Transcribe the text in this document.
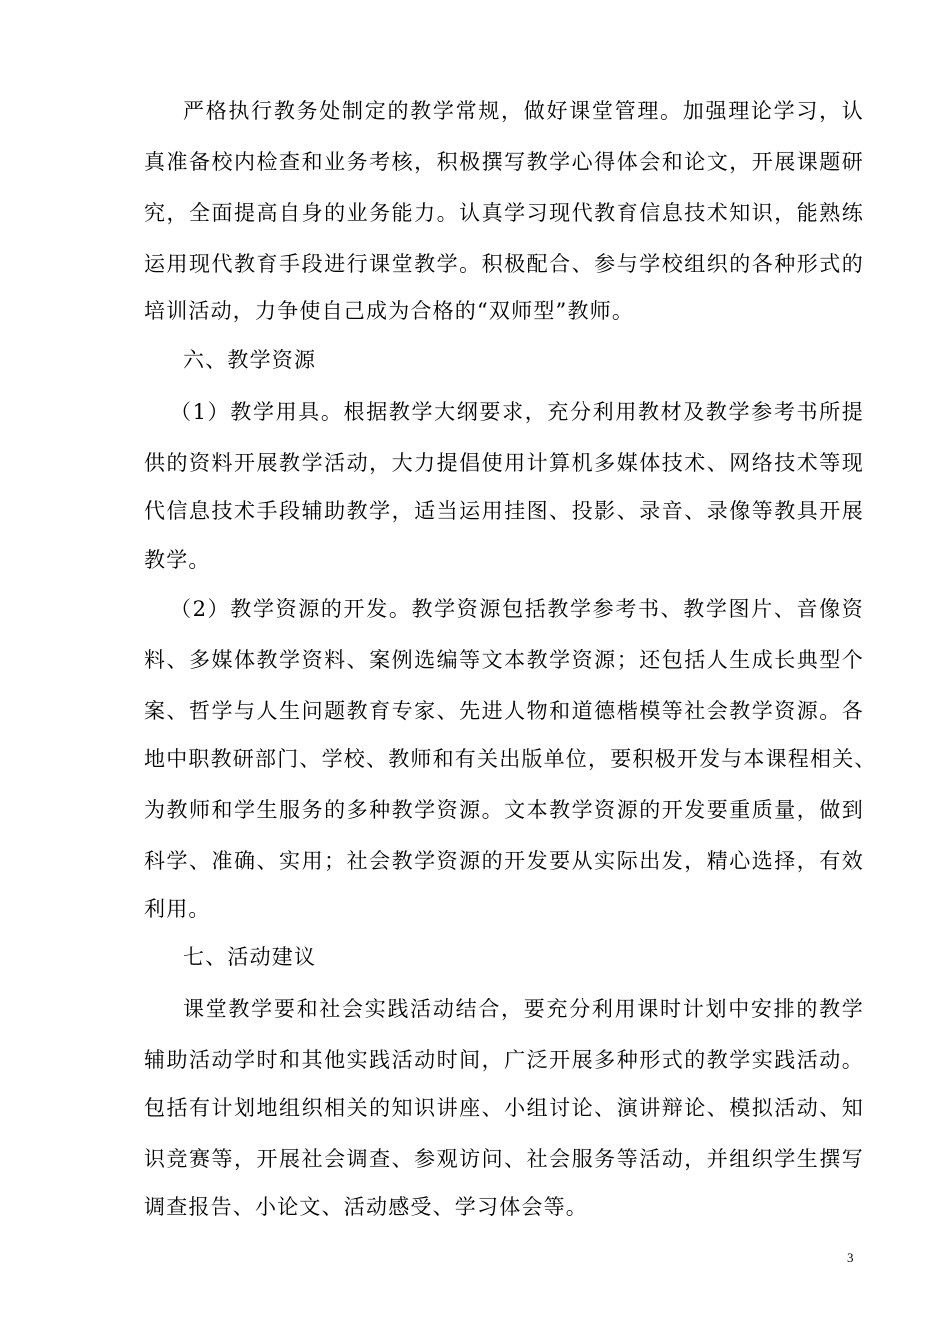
严格执行教务处制定的教学常规，做好课堂管理。加强理论学习，认
真准备校内检查和业务考核，积极撰写教学心得体会和论文，开展课题研
究，全面提高自身的业务能力。认真学习现代教育信息技术知识，能熟练
运用现代教育手段进行课堂教学。积极配合、参与学校组织的各种形式的
培训活动，力争使自己成为合格的“双师型”教师。
六、教学资源
（1）教学用具。根据教学大纲要求，充分利用教材及教学参考书所提
供的资料开展教学活动，大力提倡使用计算机多媒体技术、网络技术等现
代信息技术手段辅助教学，适当运用挂图、投影、录音、录像等教具开展
教学。
（2）教学资源的开发。教学资源包括教学参考书、教学图片、音像资
料、多媒体教学资料、案例选编等文本教学资源；还包括人生成长典型个
案、哲学与人生问题教育专家、先进人物和道德楷模等社会教学资源。各
地中职教研部门、学校、教师和有关出版单位，要积极开发与本课程相关、
为教师和学生服务的多种教学资源。文本教学资源的开发要重质量，做到
科学、准确、实用；社会教学资源的开发要从实际出发，精心选择，有效
利用。
七、活动建议
课堂教学要和社会实践活动结合，要充分利用课时计划中安排的教学
辅助活动学时和其他实践活动时间，广泛开展多种形式的教学实践活动。
包括有计划地组织相关的知识讲座、小组讨论、演讲辩论、模拟活动、知
识竞赛等，开展社会调查、参观访问、社会服务等活动，并组织学生撰写
调查报告、小论文、活动感受、学习体会等。
3
